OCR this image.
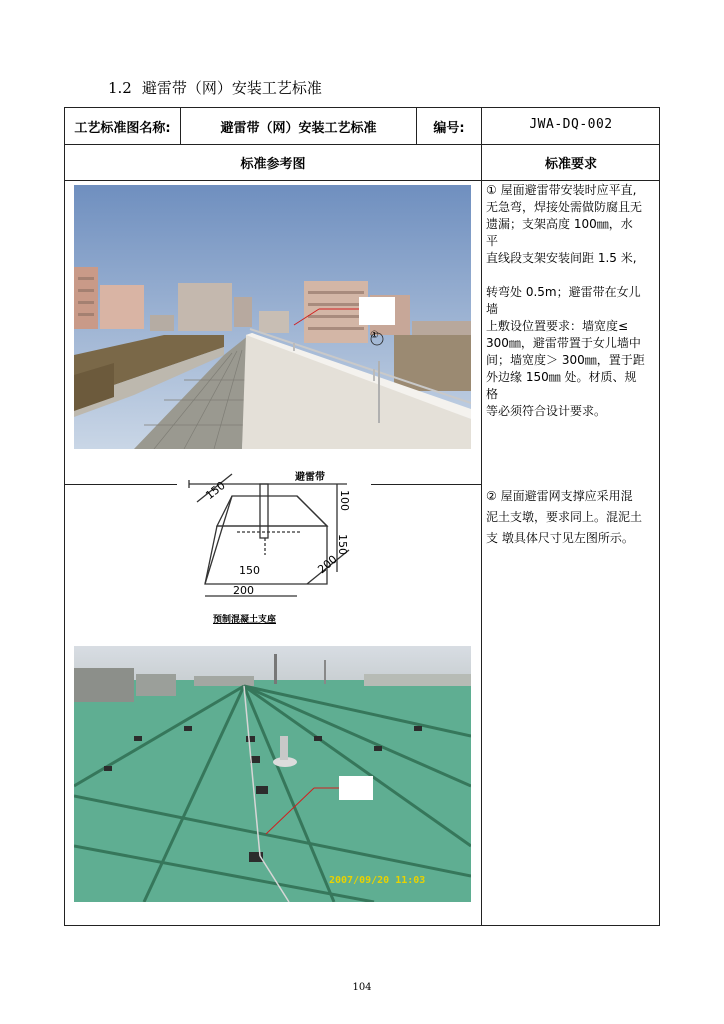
1.2 避雷带（网）安装工艺标准
工艺标准图名称:	避雷带（网）安装工艺标准	编号:	JWA-DQ-002
标准参考图	标准要求

① 屋面避雷带安装时应平直,

无急弯，焊接处需做防腐且无

遗漏；支架高度 100㎜，水

平

直线段支架安装间距 1.5 米,

转弯处 0.5m；避雷带在女儿

墙

上敷设位置要求：墙宽度≤

300㎜，避雷带置于女儿墙中

间；墙宽度＞ 300㎜，置于距

外边缘 150㎜ 处。材质、规

格

等必须符合设计要求。

② 屋面避雷网支撑应采用混

泥土支墩，要求同上。混泥土

支 墩具体尺寸见左图所示。

①
避雷带
150	100
150
150
200
200
预制混凝土支座
2007/09/20 11:03
104
